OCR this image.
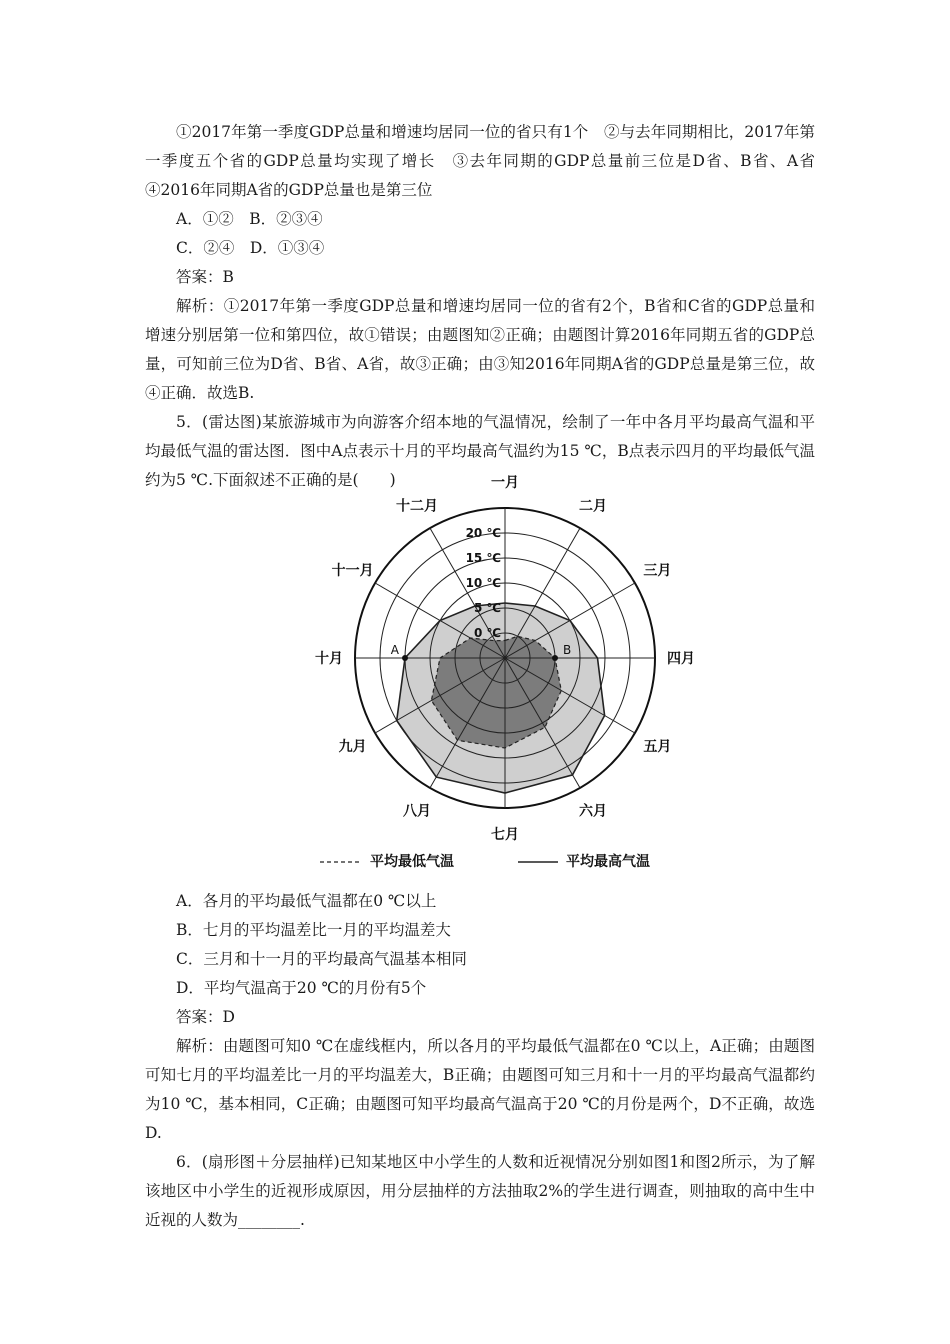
①2017年第一季度GDP总量和增速均居同一位的省只有1个　②与去年同期相比，2017年第一季度五个省的GDP总量均实现了增长　③去年同期的GDP总量前三位是D省、B省、A省　④2016年同期A省的GDP总量也是第三位
A．①②　B．②③④
C．②④　D．①③④
答案：B
解析：①2017年第一季度GDP总量和增速均居同一位的省有2个，B省和C省的GDP总量和增速分别居第一位和第四位，故①错误；由题图知②正确；由题图计算2016年同期五省的GDP总量，可知前三位为D省、B省、A省，故③正确；由③知2016年同期A省的GDP总量是第三位，故④正确．故选B.
5．(雷达图)某旅游城市为向游客介绍本地的气温情况，绘制了一年中各月平均最高气温和平均最低气温的雷达图．图中A点表示十月的平均最高气温约为15 ℃，B点表示四月的平均最低气温约为5 ℃.下面叙述不正确的是(　　)	一月
二月
三月
四月
五月
六月
七月
八月
九月
十月
十一月
十二月
0 ℃
5 ℃
10 ℃
15 ℃
20 ℃
A	B
平均最低气温	平均最高气温
A．各月的平均最低气温都在0 ℃以上
B．七月的平均温差比一月的平均温差大
C．三月和十一月的平均最高气温基本相同
D．平均气温高于20 ℃的月份有5个
答案：D
解析：由题图可知0 ℃在虚线框内，所以各月的平均最低气温都在0 ℃以上，A正确；由题图可知七月的平均温差比一月的平均温差大，B正确；由题图可知三月和十一月的平均最高气温都约为10 ℃，基本相同，C正确；由题图可知平均最高气温高于20 ℃的月份是两个，D不正确，故选D.
6．(扇形图＋分层抽样)已知某地区中小学生的人数和近视情况分别如图1和图2所示，为了解该地区中小学生的近视形成原因，用分层抽样的方法抽取2%的学生进行调查，则抽取的高中生中近视的人数为________.
